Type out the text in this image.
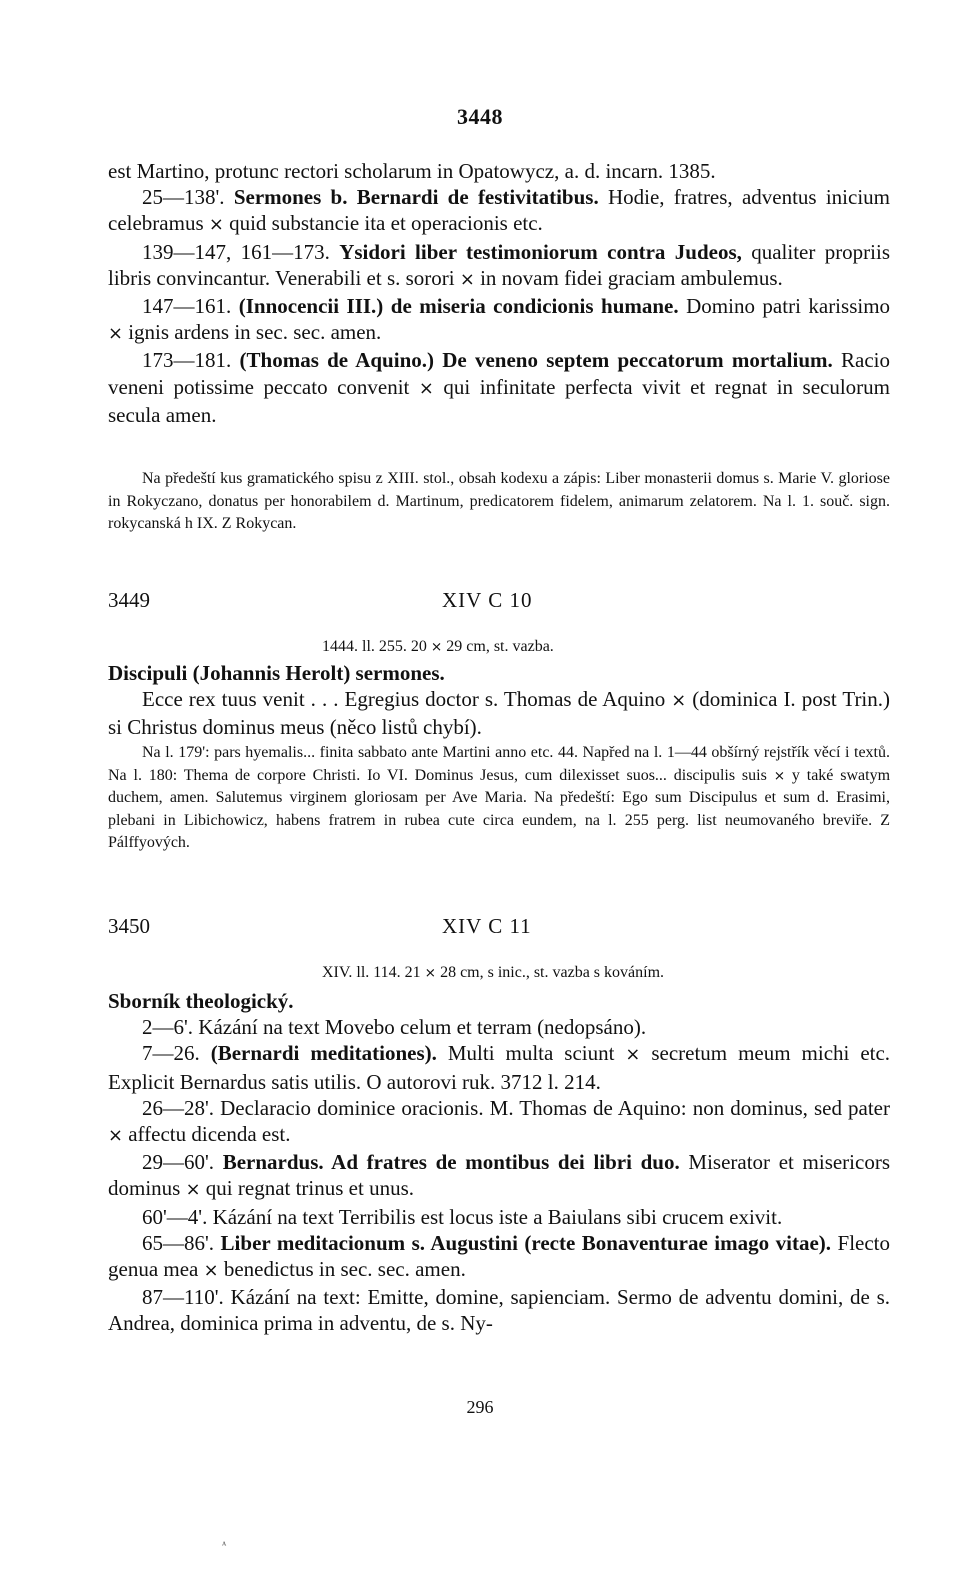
3448

est Martino, protunc rectori scholarum in Opatowycz, a. d. incarn. 1385.

25—138'. Sermones b. Bernardi de festivitatibus. Hodie, fratres, adventus inicium celebramus × quid substancie ita et operacionis etc.

139—147, 161—173. Ysidori liber testimoniorum contra Judeos, qualiter propriis libris convincantur. Venerabili et s. sorori × in novam fidei graciam ambulemus.

147—161. (Innocencii III.) de miseria condicionis humane. Domino patri karissimo × ignis ardens in sec. sec. amen.

173—181. (Thomas de Aquino.) De veneno septem peccatorum mortalium. Racio veneni potissime peccato convenit × qui infinitate perfecta vivit et regnat in seculorum secula amen.

Na předeští kus gramatického spisu z XIII. stol., obsah kodexu a zápis: Liber monasterii domus s. Marie V. gloriose in Rokyczano, donatus per honorabilem d. Martinum, predicatorem fidelem, animarum zelatorem. Na l. 1. souč. sign. rokycanská h IX. Z Rokycan.

3449	XIV C 10
1444. ll. 255. 20 × 29 cm, st. vazba.

Discipuli (Johannis Herolt) sermones.

Ecce rex tuus venit . . . Egregius doctor s. Thomas de Aquino × (dominica I. post Trin.) si Christus dominus meus (něco listů chybí).

Na l. 179': pars hyemalis... finita sabbato ante Martini anno etc. 44. Napřed na l. 1—44 obšírný rejstřík věcí i textů. Na l. 180: Thema de corpore Christi. Io VI. Dominus Jesus, cum dilexisset suos... discipulis suis × y také swatym duchem, amen. Salutemus virginem gloriosam per Ave Maria. Na předeští: Ego sum Discipulus et sum d. Erasimi, plebani in Libichowicz, habens fratrem in rubea cute circa eundem, na l. 255 perg. list neumovaného breviře. Z Pálffyových.

3450	XIV C 11
XIV. ll. 114. 21 × 28 cm, s inic., st. vazba s kováním.

Sborník theologický.

2—6'. Kázání na text Movebo celum et terram (nedopsáno).

7—26. (Bernardi meditationes). Multi multa sciunt × secretum meum michi etc. Explicit Bernardus satis utilis. O autorovi ruk. 3712 l. 214.

26—28'. Declaracio dominice oracionis. M. Thomas de Aquino: non dominus, sed pater × affectu dicenda est.

29—60'. Bernardus. Ad fratres de montibus dei libri duo. Miserator et misericors dominus × qui regnat trinus et unus.

60'—4'. Kázání na text Terribilis est locus iste a Baiulans sibi crucem exivit.

65—86'. Liber meditacionum s. Augustini (recte Bonaventurae imago vitae). Flecto genua mea × benedictus in sec. sec. amen.

87—110'. Kázání na text: Emitte, domine, sapienciam. Sermo de adventu domini, de s. Andrea, dominica prima in adventu, de s. Ny-

296
ᴬ
